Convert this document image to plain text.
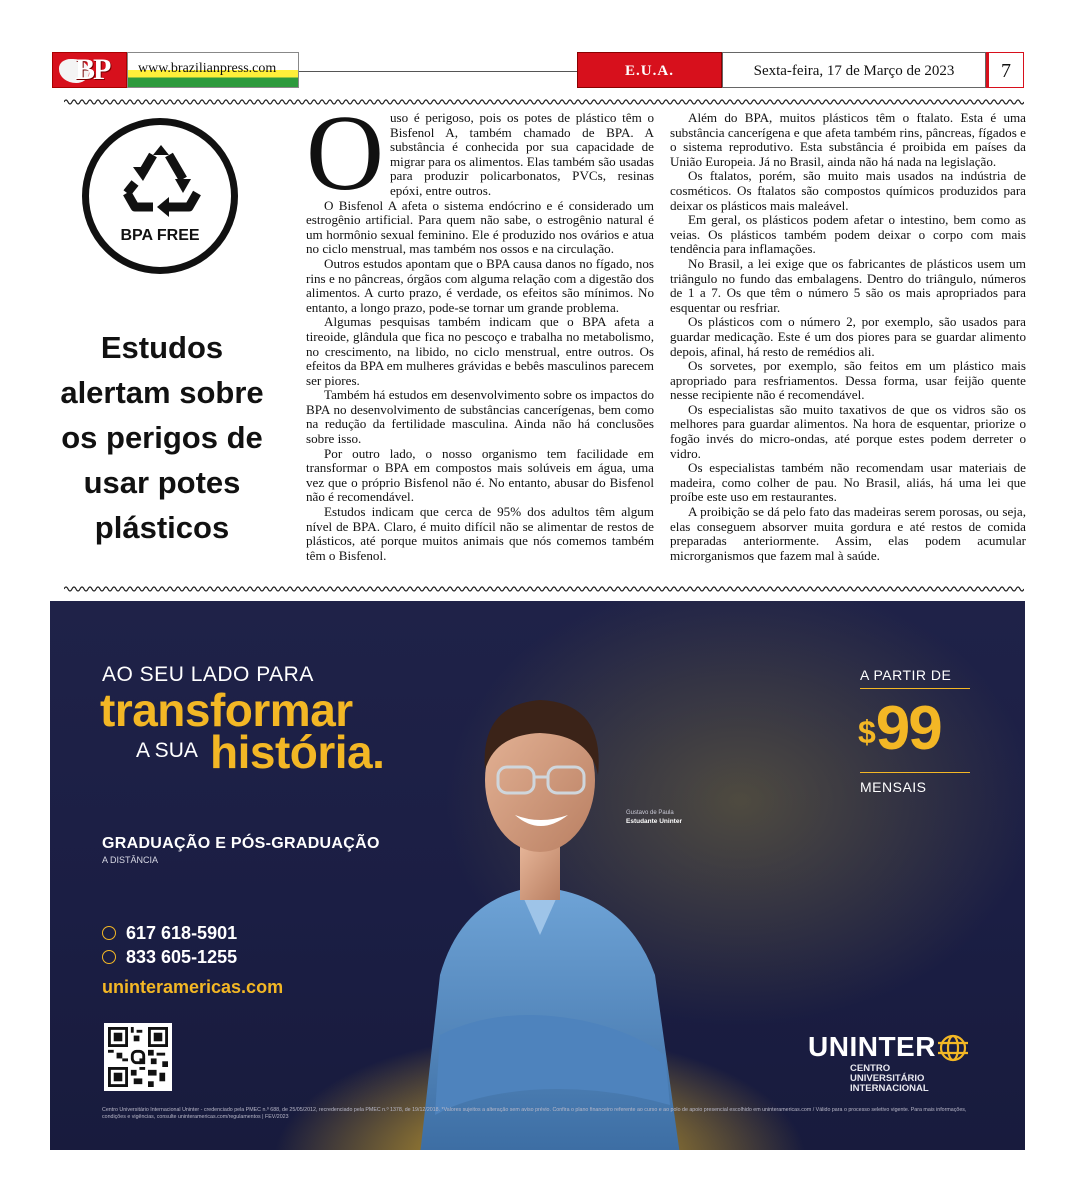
BP www.brazilianpress.com	E.U.A.	Sexta-feira, 17 de Março de 2023	7
BPA FREE
Estudos alertam sobre os perigos de usar potes plásticos
O uso é perigoso, pois os potes de plástico têm o Bisfenol A, também chamado de BPA. A substância é conhecida por sua capacidade de migrar para os alimentos. Elas também são usadas para produzir policarbonatos, PVCs, resinas epóxi, entre outros.

O Bisfenol A afeta o sistema endócrino e é considerado um estrogênio artificial. Para quem não sabe, o estrogênio natural é um hormônio sexual feminino. Ele é produzido nos ovários e atua no ciclo menstrual, mas também nos ossos e na circulação.

Outros estudos apontam que o BPA causa danos no fígado, nos rins e no pâncreas, órgãos com alguma relação com a digestão dos alimentos. A curto prazo, é verdade, os efeitos são mínimos. No entanto, a longo prazo, pode-se tornar um grande problema.

Algumas pesquisas também indicam que o BPA afeta a tireoide, glândula que fica no pescoço e trabalha no metabolismo, no crescimento, na libido, no ciclo menstrual, entre outros. Os efeitos da BPA em mulheres grávidas e bebês masculinos parecem ser piores.

Também há estudos em desenvolvimento sobre os impactos do BPA no desenvolvimento de substâncias cancerígenas, bem como na redução da fertilidade masculina. Ainda não há conclusões sobre isso.

Por outro lado, o nosso organismo tem facilidade em transformar o BPA em compostos mais solúveis em água, uma vez que o próprio Bisfenol não é. No entanto, abusar do Bisfenol não é recomendável.

Estudos indicam que cerca de 95% dos adultos têm algum nível de BPA. Claro, é muito difícil não se alimentar de restos de plásticos, até porque muitos animais que nós comemos também têm o Bisfenol.

Além do BPA, muitos plásticos têm o ftalato. Esta é uma substância cancerígena e que afeta também rins, pâncreas, fígados e o sistema reprodutivo. Esta substância é proibida em países da União Europeia. Já no Brasil, ainda não há nada na legislação.

Os ftalatos, porém, são muito mais usados na indústria de cosméticos. Os ftalatos são compostos químicos produzidos para deixar os plásticos mais maleável.

Em geral, os plásticos podem afetar o intestino, bem como as veias. Os plásticos também podem deixar o corpo com mais tendência para inflamações.

No Brasil, a lei exige que os fabricantes de plásticos usem um triângulo no fundo das embalagens. Dentro do triângulo, números de 1 a 7. Os que têm o número 5 são os mais apropriados para esquentar ou resfriar.

Os plásticos com o número 2, por exemplo, são usados para guardar medicação. Este é um dos piores para se guardar alimento depois, afinal, há resto de remédios ali.

Os sorvetes, por exemplo, são feitos em um plástico mais apropriado para resfriamentos. Dessa forma, usar feijão quente nesse recipiente não é recomendável.

Os especialistas são muito taxativos de que os vidros são os melhores para guardar alimentos. Na hora de esquentar, priorize o fogão invés do micro-ondas, até porque estes podem derreter o vidro.

Os especialistas também não recomendam usar materiais de madeira, como colher de pau. No Brasil, aliás, há uma lei que proíbe este uso em restaurantes.

A proibição se dá pelo fato das madeiras serem porosas, ou seja, elas conseguem absorver muita gordura e até restos de comida preparadas anteriormente. Assim, elas podem acumular microrganismos que fazem mal à saúde.

AO SEU LADO PARA
transformar
A SUA história.
GRADUAÇÃO E PÓS-GRADUAÇÃO
A DISTÂNCIA
617 618-5901
833 605-1255
uninteramericas.com
A PARTIR DE
$99
MENSAIS
Gustavo de Paula
Estudante Uninter
UNINTER
CENTRO UNIVERSITÁRIO INTERNACIONAL
Centro Universitário Internacional Uninter - credenciado pela PMEC n.º 688, de 25/05/2012, recredenciado pela PMEC n.º 1378, de 19/12/2018. *Valores sujeitos a alteração sem aviso prévio. Confira o plano financeiro referente ao curso e ao polo de apoio presencial escolhido em uninteramericas.com / Válido para o processo seletivo vigente. Para mais informações, condições e vigências, consulte uninteramericas.com/regulamentos | FEV/2023
